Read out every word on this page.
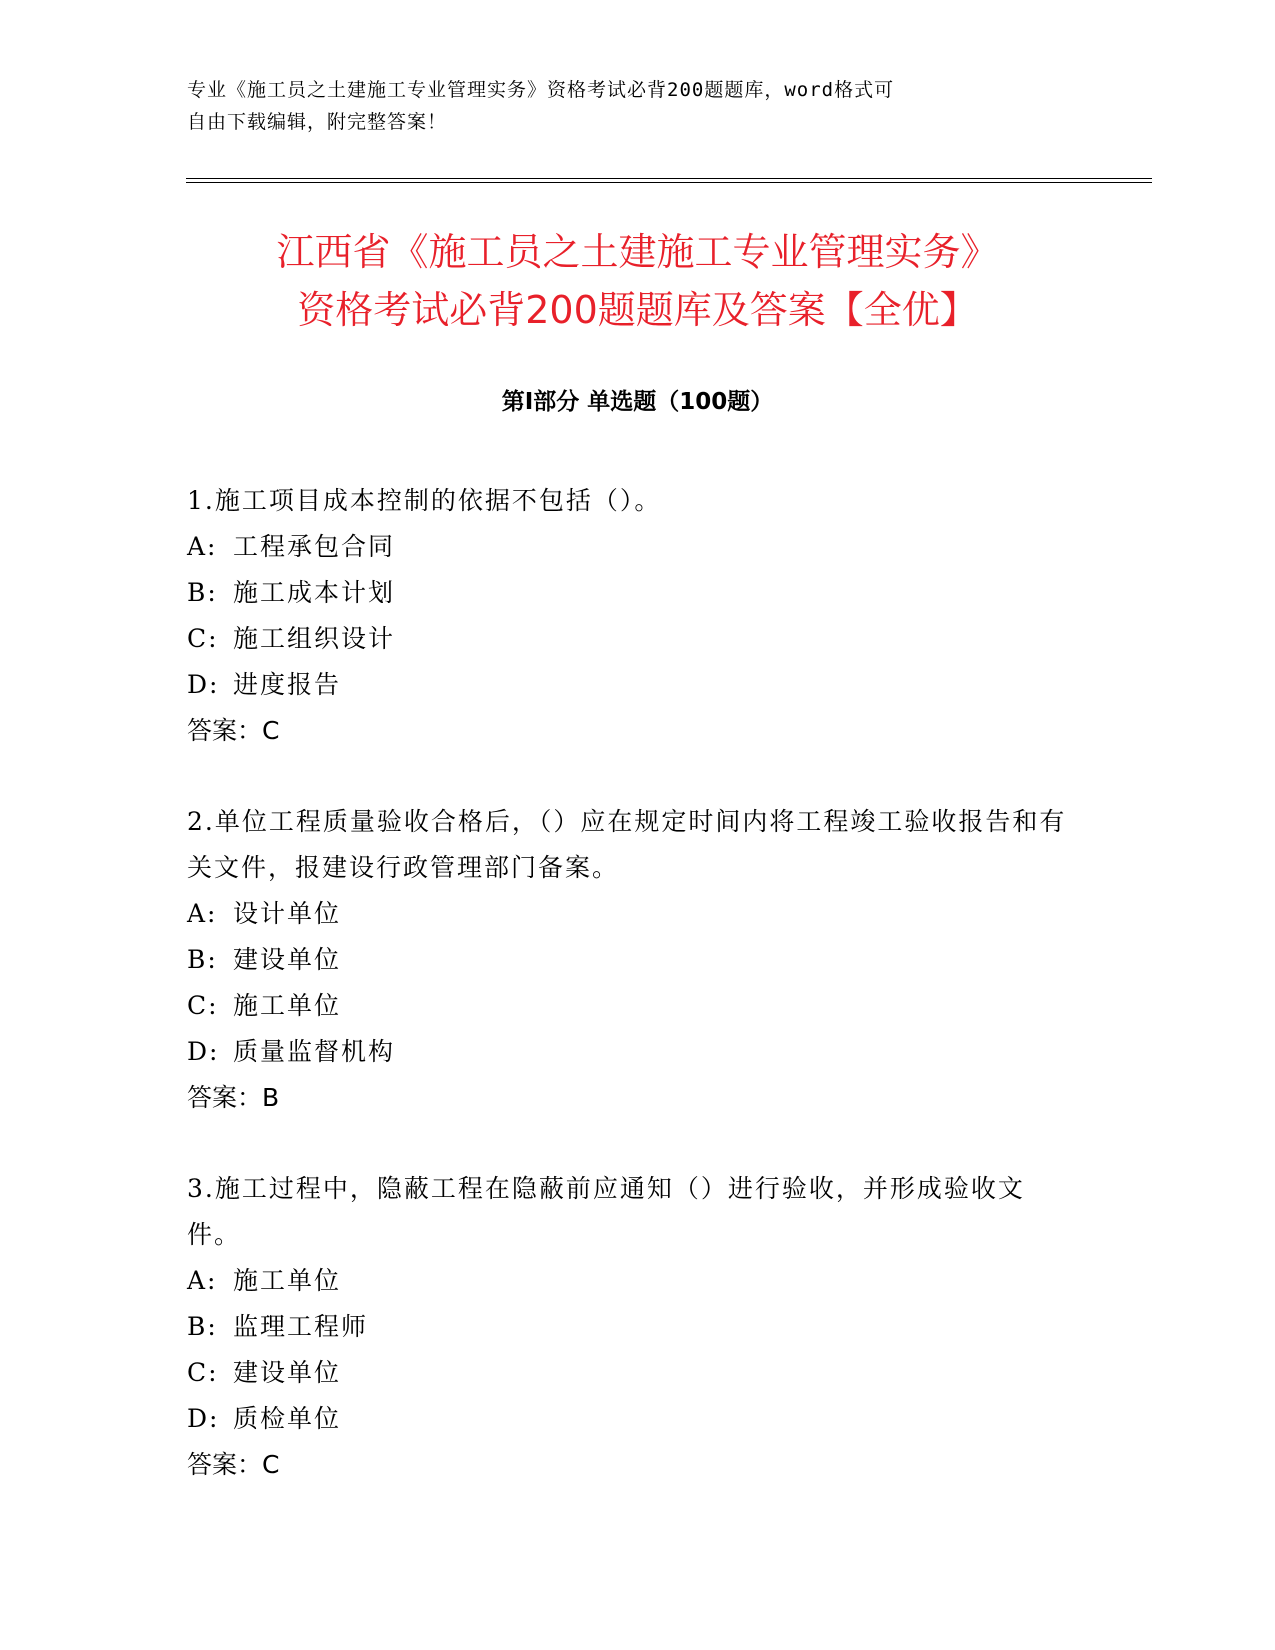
专业《施工员之土建施工专业管理实务》资格考试必背200题题库，word格式可
自由下载编辑，附完整答案！
江西省《施工员之土建施工专业管理实务》
资格考试必背200题题库及答案【全优】
第Ⅰ部分 单选题（100题）

1.施工项目成本控制的依据不包括（）。

A: 工程承包合同

B: 施工成本计划

C: 施工组织设计

D: 进度报告

答案：C

2.单位工程质量验收合格后，（）应在规定时间内将工程竣工验收报告和有关文件，报建设行政管理部门备案。

A: 设计单位

B: 建设单位

C: 施工单位

D: 质量监督机构

答案：B

3.施工过程中，隐蔽工程在隐蔽前应通知（）进行验收，并形成验收文件。

A: 施工单位

B: 监理工程师

C: 建设单位

D: 质检单位

答案：C
